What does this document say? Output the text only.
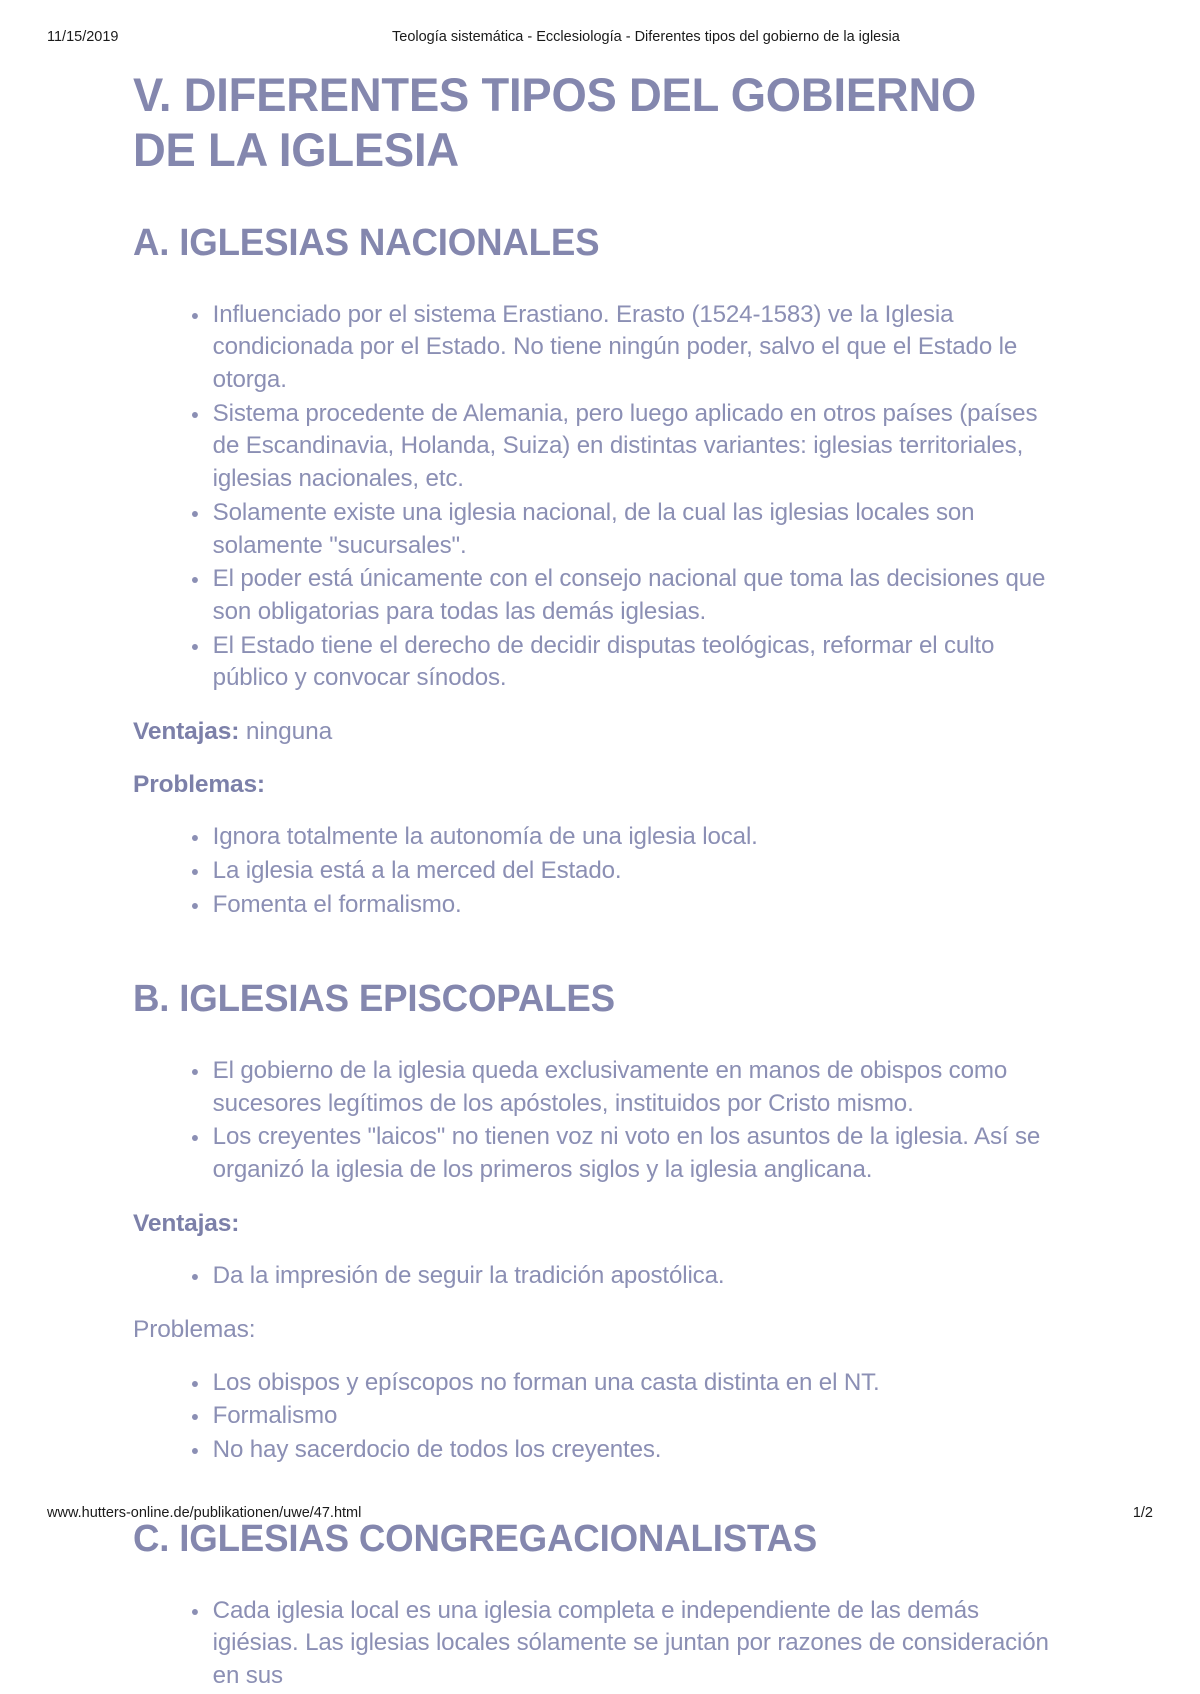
11/15/2019	Teología sistemática - Ecclesiología - Diferentes tipos del gobierno de la iglesia
V. DIFERENTES TIPOS DEL GOBIERNO DE LA IGLESIA
A. IGLESIAS NACIONALES
Influenciado por el sistema Erastiano. Erasto (1524-1583) ve la Iglesia condicionada por el Estado. No tiene ningún poder, salvo el que el Estado le otorga.
Sistema procedente de Alemania, pero luego aplicado en otros países (países de Escandinavia, Holanda, Suiza) en distintas variantes: iglesias territoriales, iglesias nacionales, etc.
Solamente existe una iglesia nacional, de la cual las iglesias locales son solamente "sucursales".
El poder está únicamente con el consejo nacional que toma las decisiones que son obligatorias para todas las demás iglesias.
El Estado tiene el derecho de decidir disputas teológicas, reformar el culto público y convocar sínodos.

Ventajas: ninguna

Problemas:

Ignora totalmente la autonomía de una iglesia local.
La iglesia está a la merced del Estado.
Fomenta el formalismo.
B. IGLESIAS EPISCOPALES
El gobierno de la iglesia queda exclusivamente en manos de obispos como sucesores legítimos de los apóstoles, instituidos por Cristo mismo.
Los creyentes "laicos" no tienen voz ni voto en los asuntos de la iglesia. Así se organizó la iglesia de los primeros siglos y la iglesia anglicana.

Ventajas:

Da la impresión de seguir la tradición apostólica.

Problemas:

Los obispos y epíscopos no forman una casta distinta en el NT.
Formalismo
No hay sacerdocio de todos los creyentes.
C. IGLESIAS CONGREGACIONALISTAS
Cada iglesia local es una iglesia completa e independiente de las demás igiésias. Las iglesias locales sólamente se juntan por razones de consideración en sus
www.hutters-online.de/publikationen/uwe/47.html	1/2
